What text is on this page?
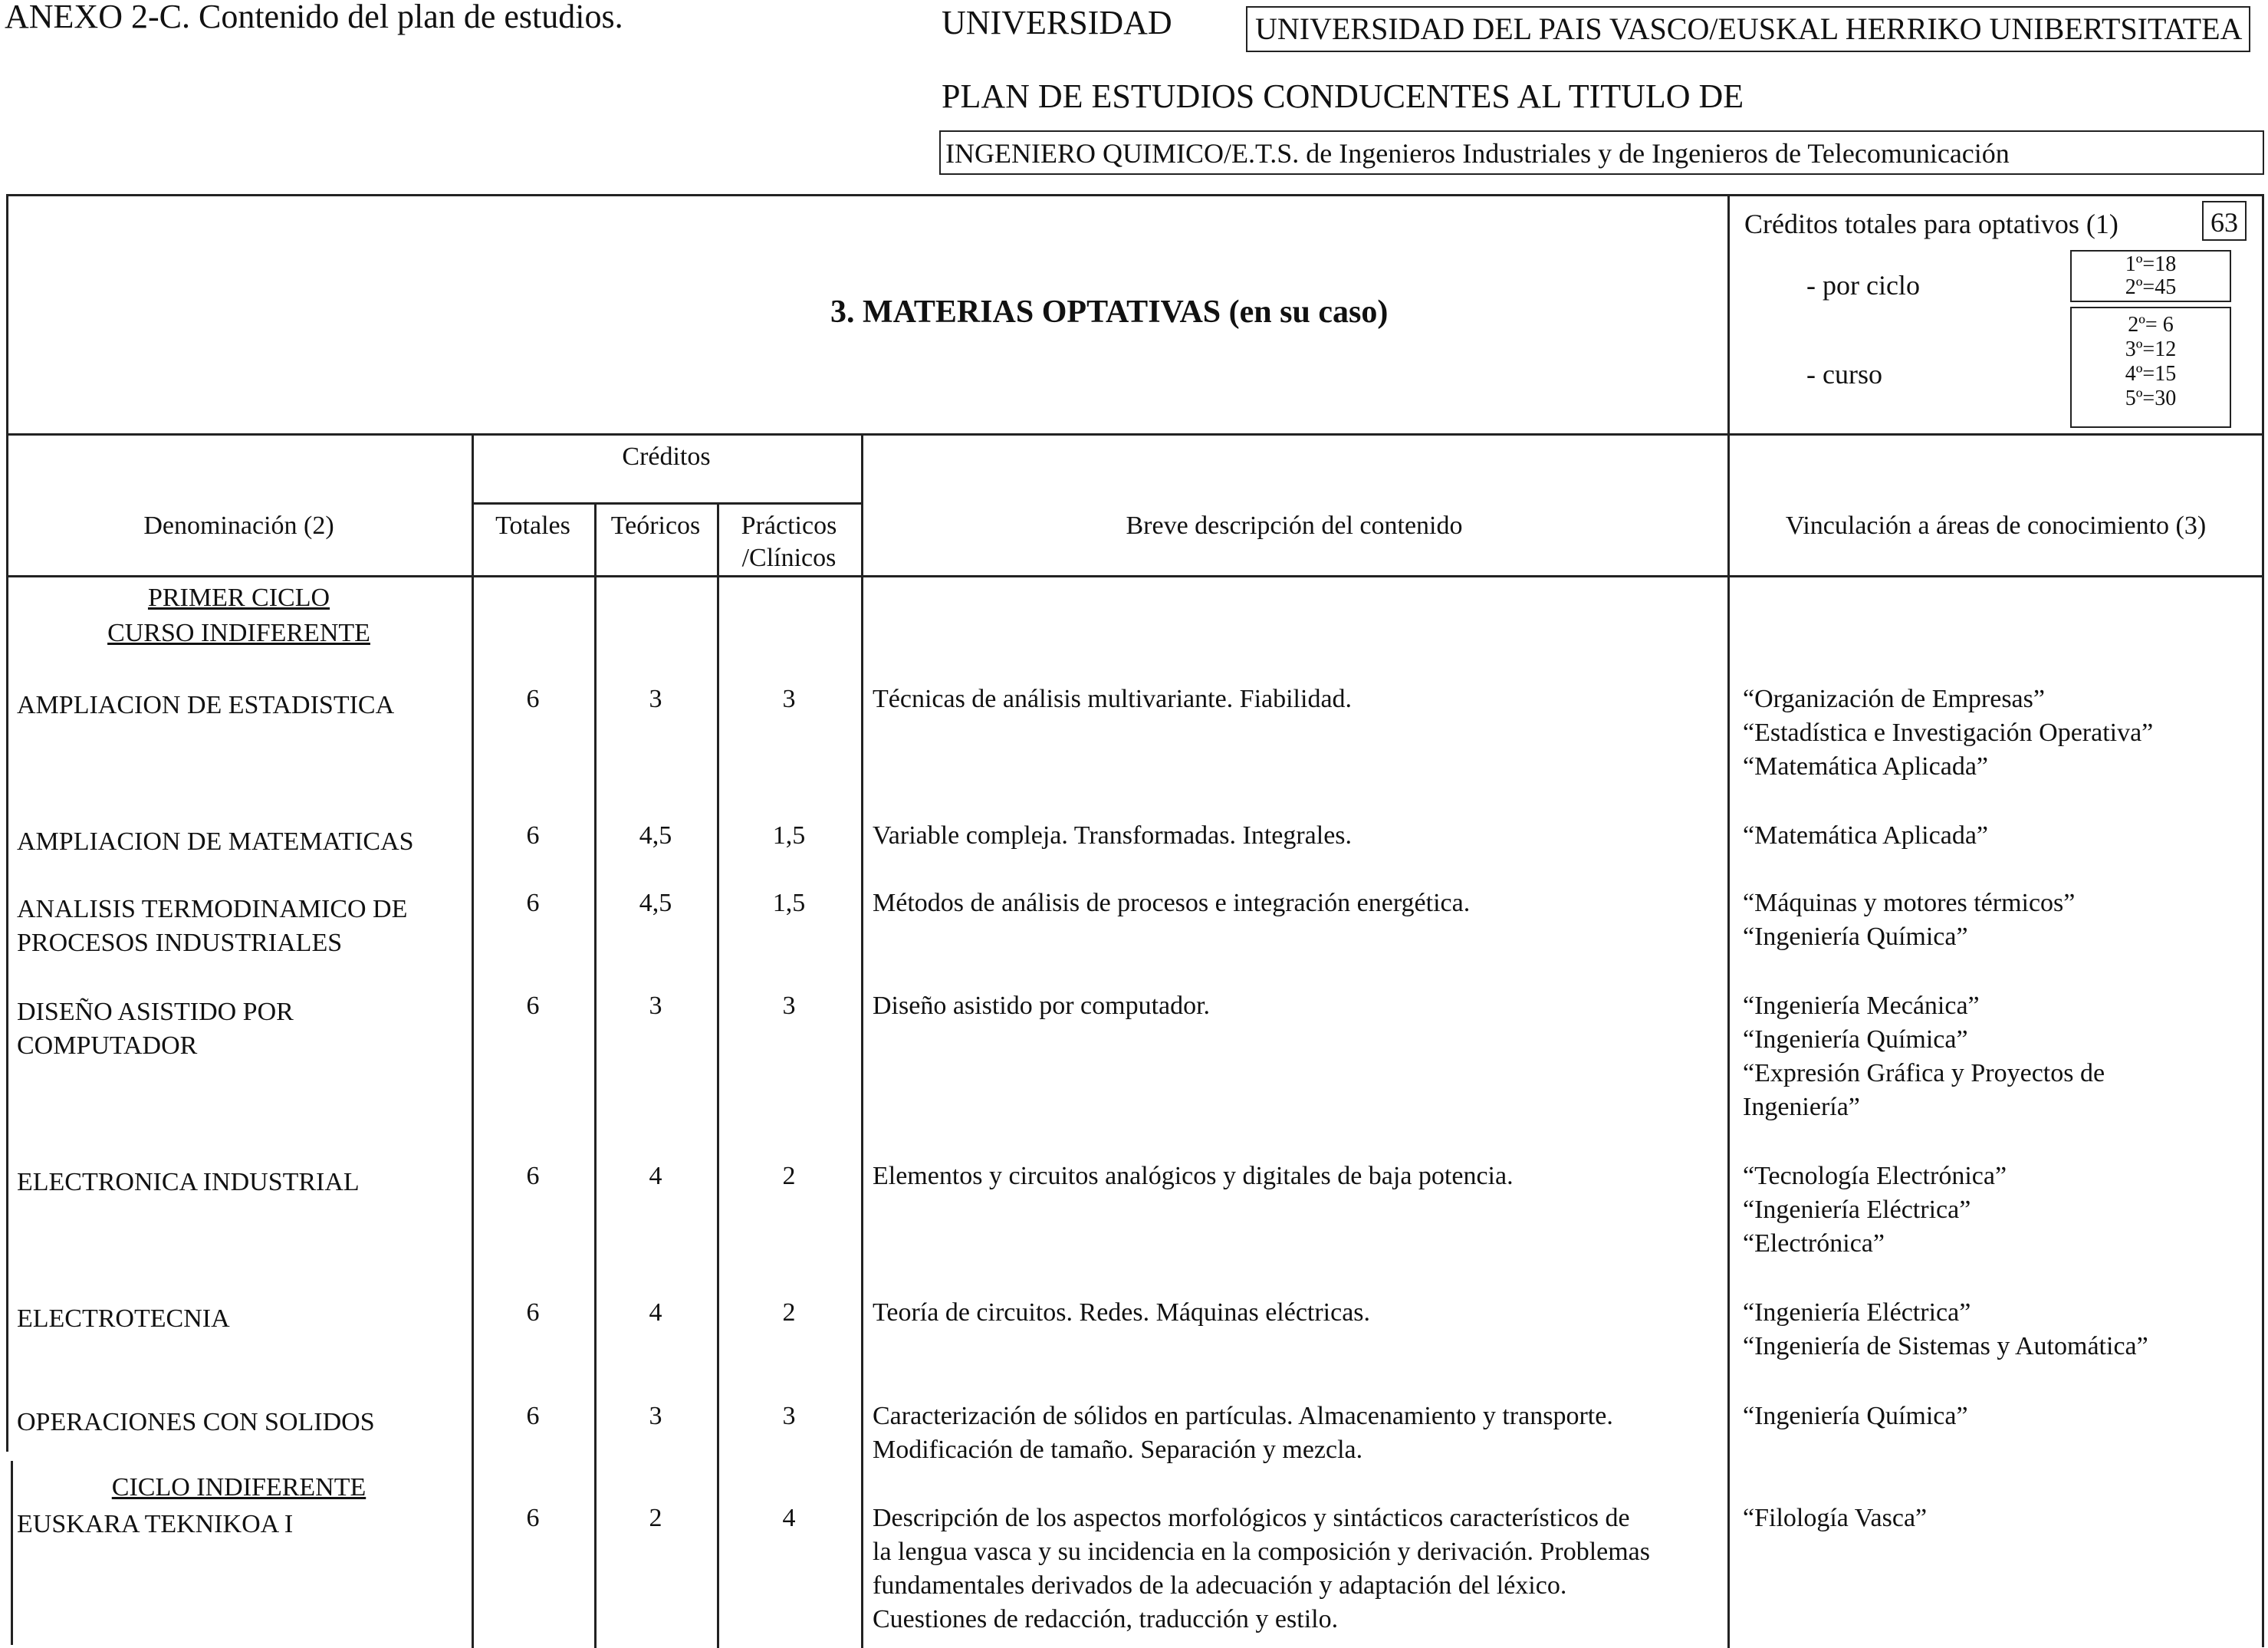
ANEXO 2-C. Contenido del plan de estudios.	UNIVERSIDAD	UNIVERSIDAD DEL PAIS VASCO/EUSKAL HERRIKO UNIBERTSITATEA
PLAN DE ESTUDIOS CONDUCENTES AL TITULO DE
INGENIERO QUIMICO/E.T.S. de Ingenieros Industriales y de Ingenieros de Telecomunicación
3. MATERIAS OPTATIVAS (en su caso)
Créditos totales para optativos (1)	63
- por ciclo
1º=18
2º=45
- curso
2º= 6
3º=12
4º=15
5º=30
Créditos
Denominación (2)	Totales	Teóricos	Prácticos
/Clínicos
Breve descripción del contenido	Vinculación a áreas de conocimiento (3)
PRIMER CICLO
CURSO INDIFERENTE
CICLO INDIFERENTE
AMPLIACION DE ESTADISTICA	6	3	3	Técnicas de análisis multivariante. Fiabilidad.	“Organización de Empresas”
“Estadística e Investigación Operativa”
“Matemática Aplicada”
AMPLIACION DE MATEMATICAS	6	4,5	1,5	Variable compleja. Transformadas. Integrales.	“Matemática Aplicada”
ANALISIS TERMODINAMICO DE
PROCESOS INDUSTRIALES
6	4,5	1,5	Métodos de análisis de procesos e integración energética.	“Máquinas y motores térmicos”
“Ingeniería Química”
DISEÑO ASISTIDO POR
COMPUTADOR
6	3	3	Diseño asistido por computador.	“Ingeniería Mecánica”
“Ingeniería Química”
“Expresión Gráfica y Proyectos de
Ingeniería”
ELECTRONICA INDUSTRIAL	6	4	2	Elementos y circuitos analógicos y digitales de baja potencia.	“Tecnología Electrónica”
“Ingeniería Eléctrica”
“Electrónica”
ELECTROTECNIA	6	4	2	Teoría de circuitos. Redes. Máquinas eléctricas.	“Ingeniería Eléctrica”
“Ingeniería de Sistemas y Automática”
OPERACIONES CON SOLIDOS	6	3	3	Caracterización de sólidos en partículas. Almacenamiento y transporte.
Modificación de tamaño. Separación y mezcla.
“Ingeniería Química”
EUSKARA TEKNIKOA I	6	2	4	Descripción de los aspectos morfológicos y sintácticos característicos de
la lengua vasca y su incidencia en la composición y derivación. Problemas
fundamentales derivados de la adecuación y adaptación del léxico.
Cuestiones de redacción, traducción y estilo.
“Filología Vasca”
